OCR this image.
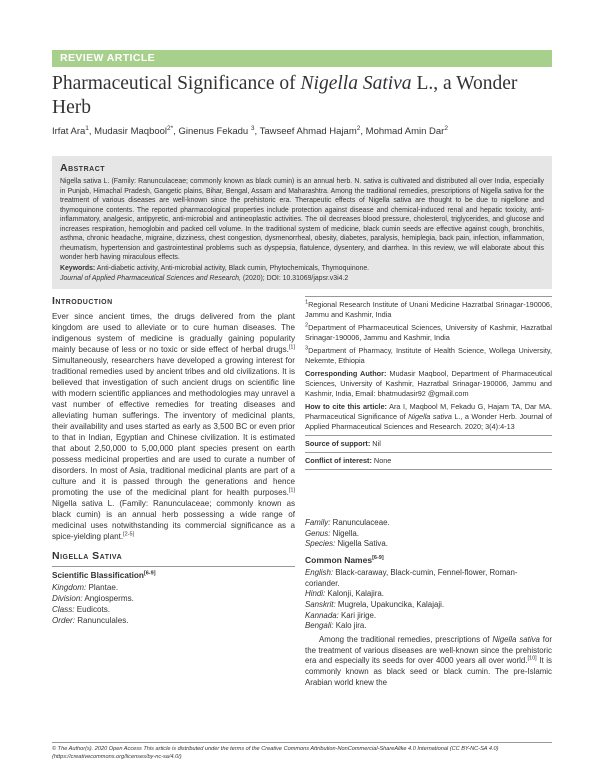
REVIEW ARTICLE
Pharmaceutical Significance of Nigella Sativa L., a Wonder Herb
Irfat Ara$^1$, Mudasir Maqbool$^{2*}$, Ginenus Fekadu $^3$, Tawseef Ahmad Hajam$^2$, Mohmad Amin Dar$^2$
Abstract
Nigella sativa L. (Family: Ranunculaceae; commonly known as black cumin) is an annual herb. N. sativa is cultivated and distributed all over India, especially in Punjab, Himachal Pradesh, Gangetic plains, Bihar, Bengal, Assam and Maharashtra. Among the traditional remedies, prescriptions of Nigella sativa for the treatment of various diseases are well-known since the prehistoric era. Therapeutic effects of Nigella sativa are thought to be due to nigellone and thymoquinone contents. The reported pharmacological properties include protection against disease and chemical-induced renal and hepatic toxicity, anti-inflammatory, analgesic, antipyretic, anti-microbial and antineoplastic activities. The oil decreases blood pressure, cholesterol, triglycerides, and glucose and increases respiration, hemoglobin and packed cell volume. In the traditional system of medicine, black cumin seeds are effective against cough, bronchitis, asthma, chronic headache, migraine, dizziness, chest congestion, dysmenorrheal, obesity, diabetes, paralysis, hemiplegia, back pain, infection, inflammation, rheumatism, hypertension and gastrointestinal problems such as dyspepsia, flatulence, dysentery, and diarrhea. In this review, we will elaborate about this wonder herb having miraculous effects.
Keywords: Anti-diabetic activity, Anti-microbial activity, Black cumin, Phytochemicals, Thymoquinone.
Journal of Applied Pharmaceutical Sciences and Research, (2020); DOI: 10.31069/japsr.v3i4.2
Introduction

Ever since ancient times, the drugs delivered from the plant kingdom are used to alleviate or to cure human diseases. The indigenous system of medicine is gradually gaining popularity mainly because of less or no toxic or side effect of herbal drugs.[1] Simultaneously, researchers have developed a growing interest for traditional remedies used by ancient tribes and old civilizations. It is believed that investigation of such ancient drugs on scientific line with modern scientific appliances and methodologies may unravel a vast number of effective remedies for treating diseases and alleviating human sufferings. The inventory of medicinal plants, their availability and uses started as early as 3,500 BC or even prior to that in Indian, Egyptian and Chinese civilization. It is estimated that about 2,50,000 to 5,00,000 plant species present on earth possess medicinal properties and are used to curate a number of disorders. In most of Asia, traditional medicinal plants are part of a culture and it is passed through the generations and hence promoting the use of the medicinal plant for health purposes.[1] Nigella sativa L. (Family: Ranunculaceae; commonly known as black cumin) is an annual herb possessing a wide range of medicinal uses notwithstanding its commercial significance as a spice-yielding plant.[2-5]

Nigella Sativa
Scientific Blassification[6-9]

Kingdom: Plantae.

Division: Angiosperms.

Class: Eudicots.

Order: Ranunculales.

$^1$Regional Research Institute of Unani Medicine Hazratbal Srinagar-190006, Jammu and Kashmir, India

$^2$Department of Pharmaceutical Sciences, University of Kashmir, Hazratbal Srinagar-190006, Jammu and Kashmir, India

$^3$Department of Pharmacy, Institute of Health Science, Wollega University, Nekemte, Ethiopia

Corresponding Author: Mudasir Maqbool, Department of Pharmaceutical Sciences, University of Kashmir, Hazratbal Srinagar-190006, Jammu and Kashmir, India, Email: bhatmudasir92 @gmail.com

How to cite this article: Ara I, Maqbool M, Fekadu G, Hajam TA, Dar MA. Pharmaceutical Significance of Nigella sativa L., a Wonder Herb. Journal of Applied Pharmaceutical Sciences and Research. 2020; 3(4):4-13

Source of support: Nil

Conflict of interest: None

Family: Ranunculaceae.

Genus: Nigella.

Species: Nigella Sativa.

Common Names[6-9]

English: Black-caraway, Black-cumin, Fennel-flower, Roman-coriander.

Hindi: Kalonji, Kalajira.

Sanskrit: Mugrela, Upakuncika, Kalajaji.

Kannada: Kari jirige.

Bengali: Kalo jira.

Among the traditional remedies, prescriptions of Nigella sativa for the treatment of various diseases are well-known since the prehistoric era and especially its seeds for over 4000 years all over world.[10] It is commonly known as black seed or black cumin. The pre-Islamic Arabian world knew the

© The Author(s). 2020 Open Access This article is distributed under the terms of the Creative Commons Attribution-NonCommercial-ShareAlike 4.0 International (CC BY-NC-SA 4.0) (https://creativecommons.org/licenses/by-nc-sa/4.0/)
